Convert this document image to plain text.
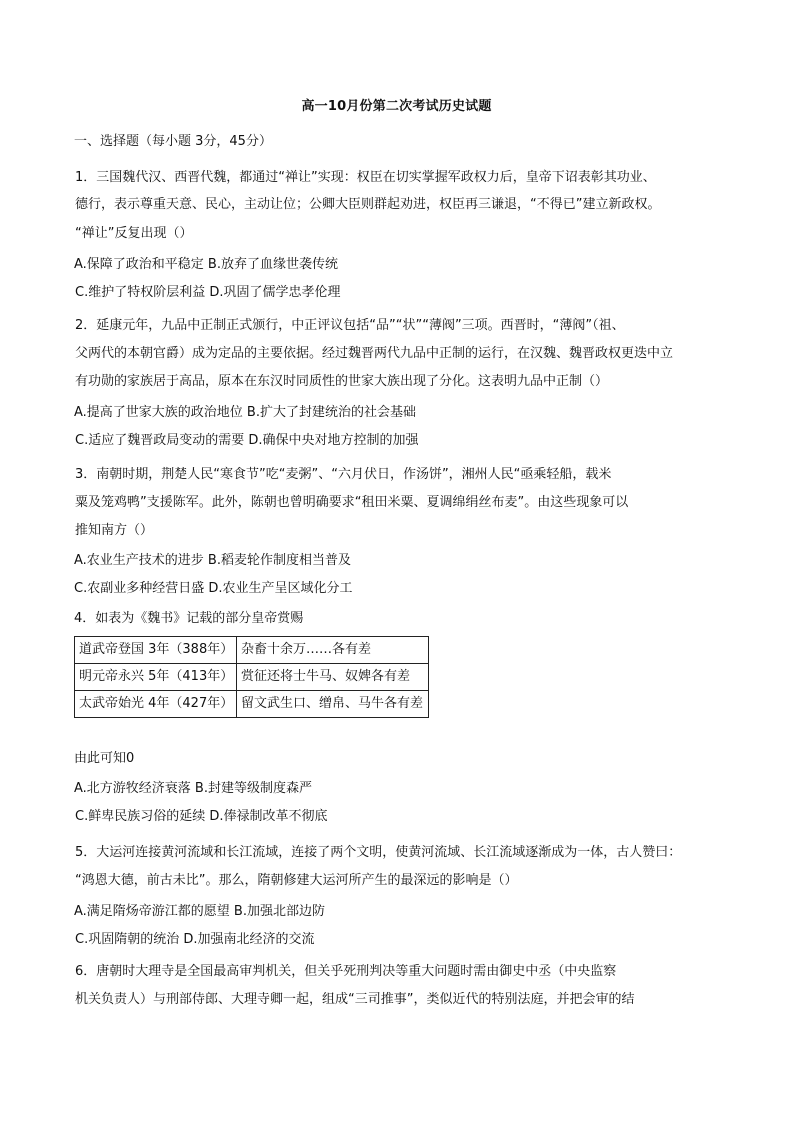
高一10月份第二次考试历史试题
一、选择题（每小题 3分，45分）
1．三国魏代汉、西晋代魏，都通过“禅让”实现：权臣在切实掌握军政权力后，皇帝下诏表彰其功业、
德行，表示尊重天意、民心，主动让位；公卿大臣则群起劝进，权臣再三谦退，“不得已”建立新政权。
“禅让”反复出现（）
A.保障了政治和平稳定 B.放弃了血缘世袭传统
C.维护了特权阶层利益 D.巩固了儒学忠孝伦理
2．延康元年，九品中正制正式颁行，中正评议包括“品”“状”“薄阀”三项。西晋时，“薄阀”（祖、
父两代的本朝官爵）成为定品的主要依据。经过魏晋两代九品中正制的运行，在汉魏、魏晋政权更迭中立
有功勋的家族居于高品，原本在东汉时同质性的世家大族出现了分化。这表明九品中正制（）
A.提高了世家大族的政治地位 B.扩大了封建统治的社会基础
C.适应了魏晋政局变动的需要 D.确保中央对地方控制的加强
3．南朝时期，荆楚人民“寒食节”吃“麦粥”、“六月伏日，作汤饼”，湘州人民“亟乘轻船，载米
粟及笼鸡鸭”支援陈军。此外，陈朝也曾明确要求“租田米粟、夏调绵绢丝布麦”。由这些现象可以
推知南方（）
A.农业生产技术的进步 B.稻麦轮作制度相当普及
C.农副业多种经营日盛 D.农业生产呈区域化分工
4．如表为《魏书》记载的部分皇帝赏赐
道武帝登国 3年（388年）	杂畜十余万……各有差
明元帝永兴 5年（413年）	赏征还将士牛马、奴婢各有差
太武帝始光 4年（427年）	留文武生口、缯帛、马牛各有差
由此可知0
A.北方游牧经济衰落 B.封建等级制度森严
C.鲜卑民族习俗的延续 D.俸禄制改革不彻底
5．大运河连接黄河流域和长江流域，连接了两个文明，使黄河流域、长江流域逐渐成为一体，古人赞曰：
“鸿恩大德，前古未比”。那么，隋朝修建大运河所产生的最深远的影响是（）
A.满足隋炀帝游江都的愿望 B.加强北部边防
C.巩固隋朝的统治 D.加强南北经济的交流
6．唐朝时大理寺是全国最高审判机关，但关乎死刑判决等重大问题时需由御史中丞（中央监察
机关负责人）与刑部侍郎、大理寺卿一起，组成“三司推事”，类似近代的特别法庭，并把会审的结
